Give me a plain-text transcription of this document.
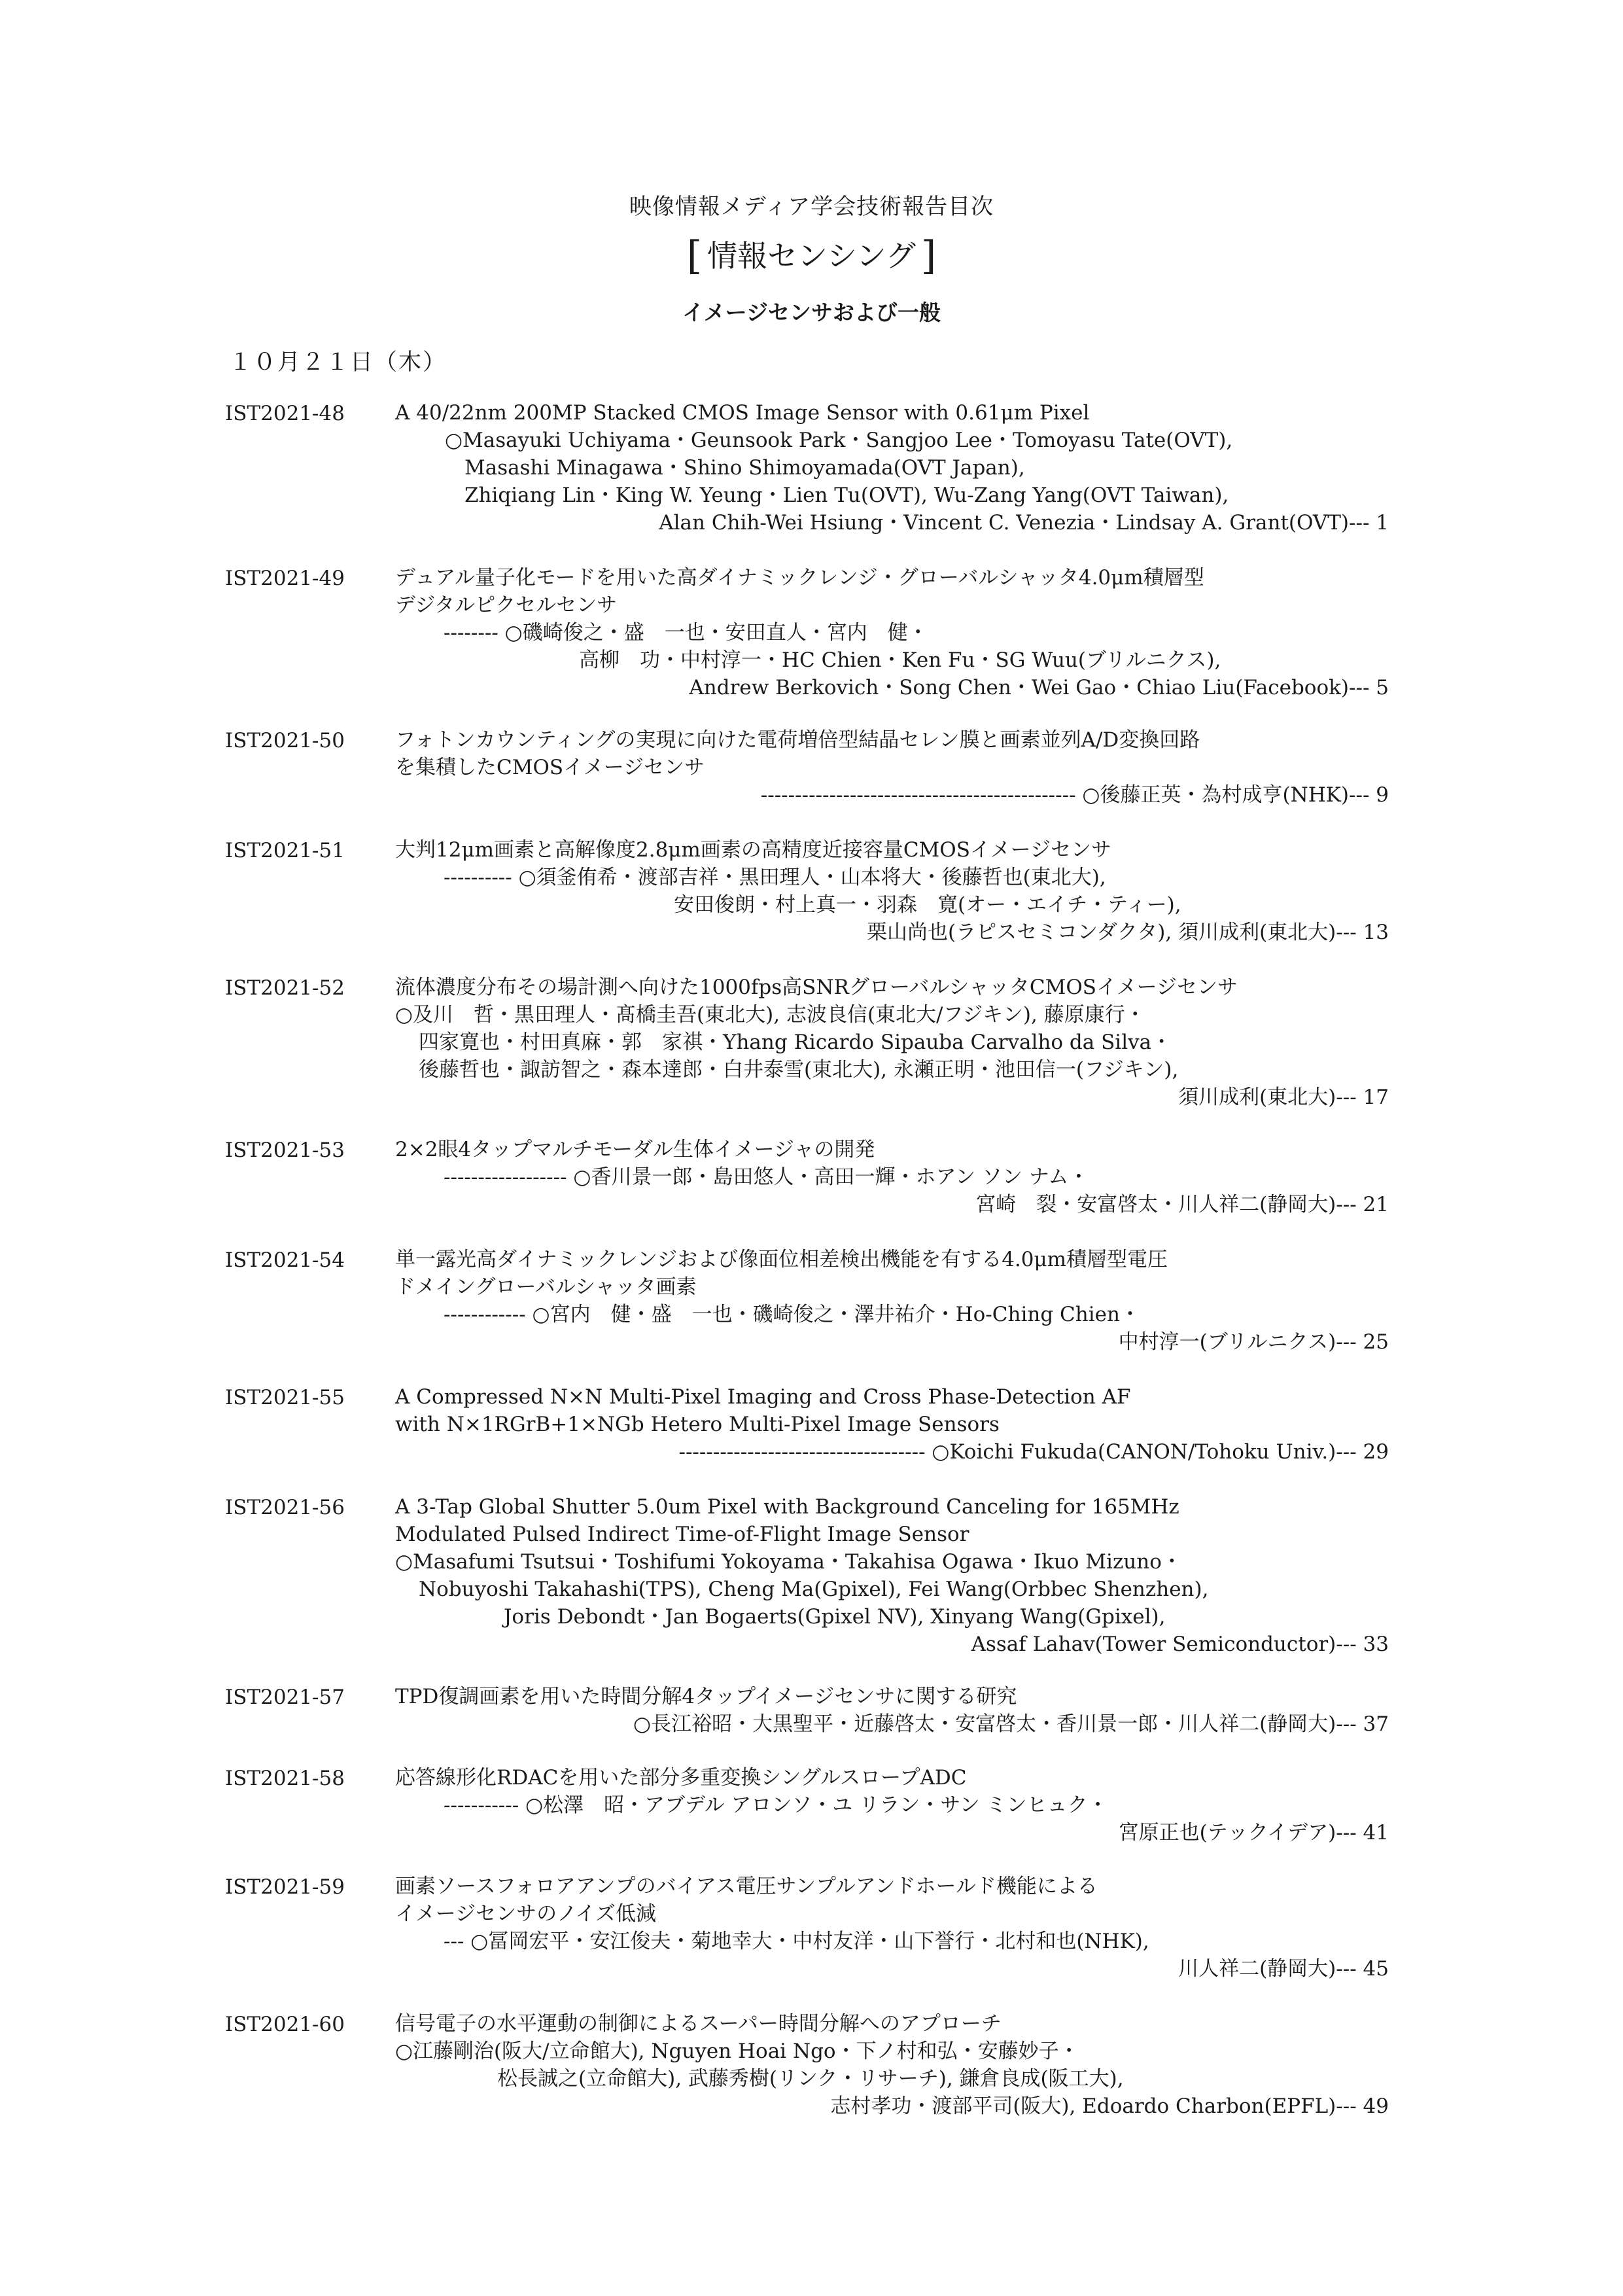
映像情報メディア学会技術報告目次
[ 情報センシング ]
イメージセンサおよび一般
１０月２１日（木）
IST2021-48 A 40/22nm 200MP Stacked CMOS Image Sensor with 0.61μm Pixel
○Masayuki Uchiyama・Geunsook Park・Sangjoo Lee・Tomoyasu Tate(OVT),
Masashi Minagawa・Shino Shimoyamada(OVT Japan),
Zhiqiang Lin・King W. Yeung・Lien Tu(OVT), Wu-Zang Yang(OVT Taiwan),
Alan Chih-Wei Hsiung・Vincent C. Venezia・Lindsay A. Grant(OVT)--- 1
IST2021-49 デュアル量子化モードを用いた高ダイナミックレンジ・グローバルシャッタ4.0μm積層型
デジタルピクセルセンサ
-------- ○磯崎俊之・盛　一也・安田直人・宮内　健・
高柳　功・中村淳一・HC Chien・Ken Fu・SG Wuu(ブリルニクス),
Andrew Berkovich・Song Chen・Wei Gao・Chiao Liu(Facebook)--- 5
IST2021-50 フォトンカウンティングの実現に向けた電荷増倍型結晶セレン膜と画素並列A/D変換回路
を集積したCMOSイメージセンサ
---------------------------------------------- ○後藤正英・為村成亨(NHK)--- 9
IST2021-51 大判12μm画素と高解像度2.8μm画素の高精度近接容量CMOSイメージセンサ
---------- ○須釜侑希・渡部吉祥・黒田理人・山本将大・後藤哲也(東北大),
安田俊朗・村上真一・羽森　寛(オー・エイチ・ティー),
栗山尚也(ラピスセミコンダクタ), 須川成利(東北大)--- 13
IST2021-52 流体濃度分布その場計測へ向けた1000fps高SNRグローバルシャッタCMOSイメージセンサ
○及川　哲・黒田理人・髙橋圭吾(東北大), 志波良信(東北大/フジキン), 藤原康行・
四家寛也・村田真麻・郭　家祺・Yhang Ricardo Sipauba Carvalho da Silva・
後藤哲也・諏訪智之・森本達郎・白井泰雪(東北大), 永瀬正明・池田信一(フジキン),
須川成利(東北大)--- 17
IST2021-53 2×2眼4タップマルチモーダル生体イメージャの開発
------------------ ○香川景一郎・島田悠人・高田一輝・ホアン ソン ナム・
宮崎　裂・安富啓太・川人祥二(静岡大)--- 21
IST2021-54 単一露光高ダイナミックレンジおよび像面位相差検出機能を有する4.0μm積層型電圧
ドメイングローバルシャッタ画素
------------ ○宮内　健・盛　一也・磯崎俊之・澤井祐介・Ho-Ching Chien・
中村淳一(ブリルニクス)--- 25
IST2021-55 A Compressed N×N Multi-Pixel Imaging and Cross Phase-Detection AF
with N×1RGrB+1×NGb Hetero Multi-Pixel Image Sensors
------------------------------------ ○Koichi Fukuda(CANON/Tohoku Univ.)--- 29
IST2021-56 A 3-Tap Global Shutter 5.0um Pixel with Background Canceling for 165MHz
Modulated Pulsed Indirect Time-of-Flight Image Sensor
○Masafumi Tsutsui・Toshifumi Yokoyama・Takahisa Ogawa・Ikuo Mizuno・
Nobuyoshi Takahashi(TPS), Cheng Ma(Gpixel), Fei Wang(Orbbec Shenzhen),
Joris Debondt・Jan Bogaerts(Gpixel NV), Xinyang Wang(Gpixel),
Assaf Lahav(Tower Semiconductor)--- 33
IST2021-57 TPD復調画素を用いた時間分解4タップイメージセンサに関する研究
○長江裕昭・大黒聖平・近藤啓太・安富啓太・香川景一郎・川人祥二(静岡大)--- 37
IST2021-58 応答線形化RDACを用いた部分多重変換シングルスロープADC
----------- ○松澤　昭・アブデル アロンソ・ユ リラン・サン ミンヒュク・
宮原正也(テックイデア)--- 41
IST2021-59 画素ソースフォロアアンプのバイアス電圧サンプルアンドホールド機能による
イメージセンサのノイズ低減
--- ○冨岡宏平・安江俊夫・菊地幸大・中村友洋・山下誉行・北村和也(NHK),
川人祥二(静岡大)--- 45
IST2021-60 信号電子の水平運動の制御によるスーパー時間分解へのアプローチ
○江藤剛治(阪大/立命館大), Nguyen Hoai Ngo・下ノ村和弘・安藤妙子・
松長誠之(立命館大), 武藤秀樹(リンク・リサーチ), 鎌倉良成(阪工大),
志村孝功・渡部平司(阪大), Edoardo Charbon(EPFL)--- 49
